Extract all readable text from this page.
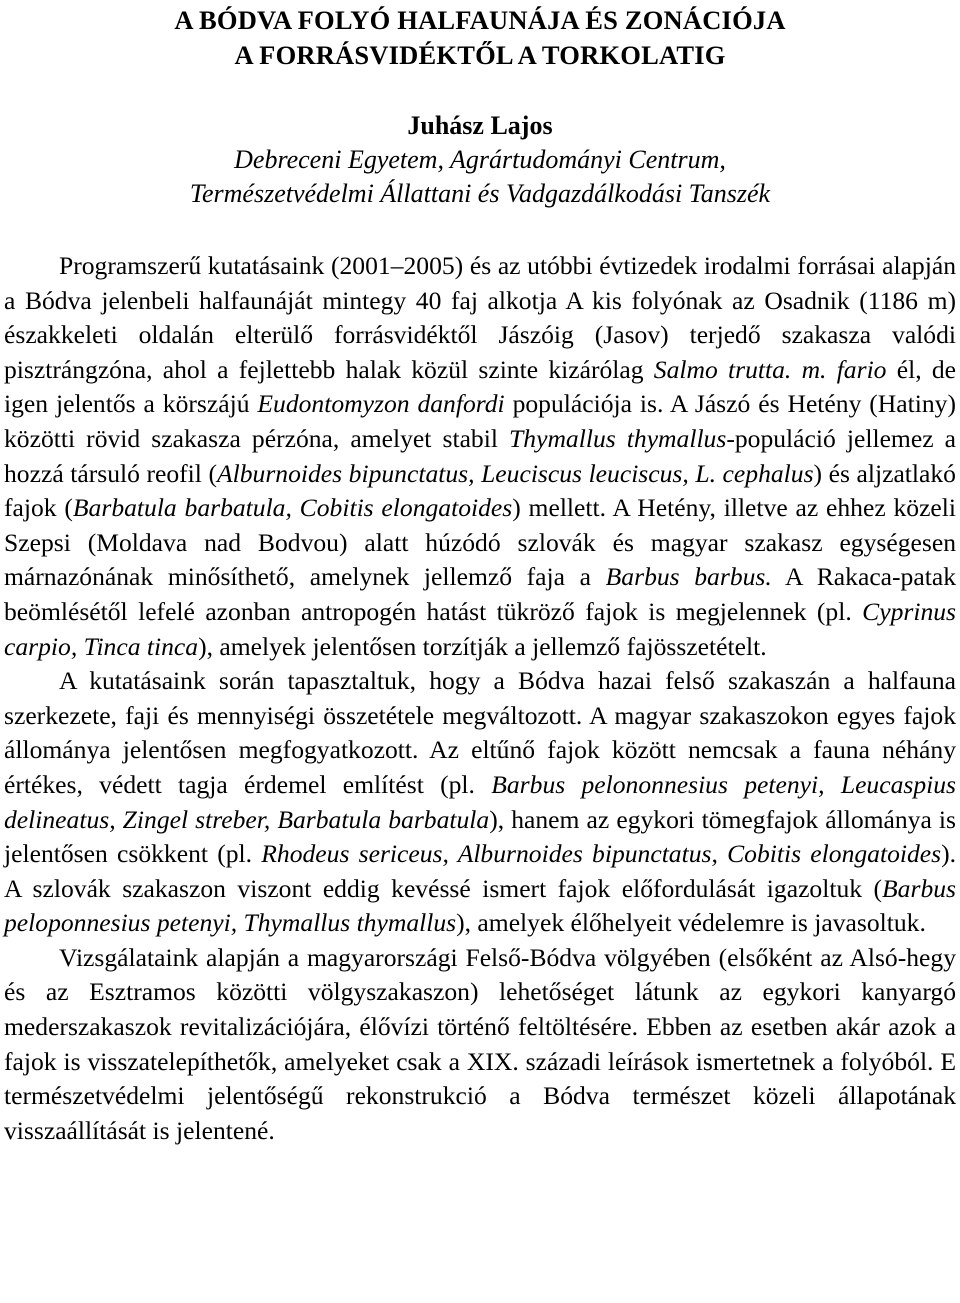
A BÓDVA FOLYÓ HALFAUNÁJA ÉS ZONÁCIÓJA
A FORRÁSVIDÉKTŐL A TORKOLATIG
Juhász Lajos
Debreceni Egyetem, Agrártudományi Centrum,
Természetvédelmi Állattani és Vadgazdálkodási Tanszék

Programszerű kutatásaink (2001–2005) és az utóbbi évtizedek irodalmi forrásai alapján a Bódva jelenbeli halfaunáját mintegy 40 faj alkotja A kis folyónak az Osadnik (1186 m) északkeleti oldalán elterülő forrásvidéktől Jászóig (Jasov) terjedő szakasza valódi pisztrángzóna, ahol a fejlettebb halak közül szinte kizárólag Salmo trutta. m. fario él, de igen jelentős a körszájú Eudontomyzon danfordi populációja is. A Jászó és Hetény (Hatiny) közötti rövid szakasza pérzóna, amelyet stabil Thymallus thymallus-populáció jellemez a hozzá társuló reofil (Alburnoides bipunctatus, Leuciscus leuciscus, L. cephalus) és aljzatlakó fajok (Barbatula barbatula, Cobitis elongatoides) mellett. A Hetény, illetve az ehhez közeli Szepsi (Moldava nad Bodvou) alatt húzódó szlovák és magyar szakasz egységesen márnazónának minősíthető, amelynek jellemző faja a Barbus barbus. A Rakaca-patak beömlésétől lefelé azonban antropogén hatást tükröző fajok is megjelennek (pl. Cyprinus carpio, Tinca tinca), amelyek jelentősen torzítják a jellemző fajösszetételt.

A kutatásaink során tapasztaltuk, hogy a Bódva hazai felső szakaszán a halfauna szerkezete, faji és mennyiségi összetétele megváltozott. A magyar szakaszokon egyes fajok állománya jelentősen megfogyatkozott. Az eltűnő fajok között nemcsak a fauna néhány értékes, védett tagja érdemel említést (pl. Barbus pelononnesius petenyi, Leucaspius delineatus, Zingel streber, Barbatula barbatula), hanem az egykori tömegfajok állománya is jelentősen csökkent (pl. Rhodeus sericeus, Alburnoides bipunctatus, Cobitis elongatoides). A szlovák szakaszon viszont eddig kevéssé ismert fajok előfordulását igazoltuk (Barbus peloponnesius petenyi, Thymallus thymallus), amelyek élőhelyeit védelemre is javasoltuk.

Vizsgálataink alapján a magyarországi Felső-Bódva völgyében (elsőként az Alsó-hegy és az Esztramos közötti völgyszakaszon) lehetőséget látunk az egykori kanyargó mederszakaszok revitalizációjára, élővízi történő feltöltésére. Ebben az esetben akár azok a fajok is visszatelepíthetők, amelyeket csak a XIX. századi leírások ismertetnek a folyóból. E természetvédelmi jelentőségű rekonstrukció a Bódva természet közeli állapotának visszaállítását is jelentené.
